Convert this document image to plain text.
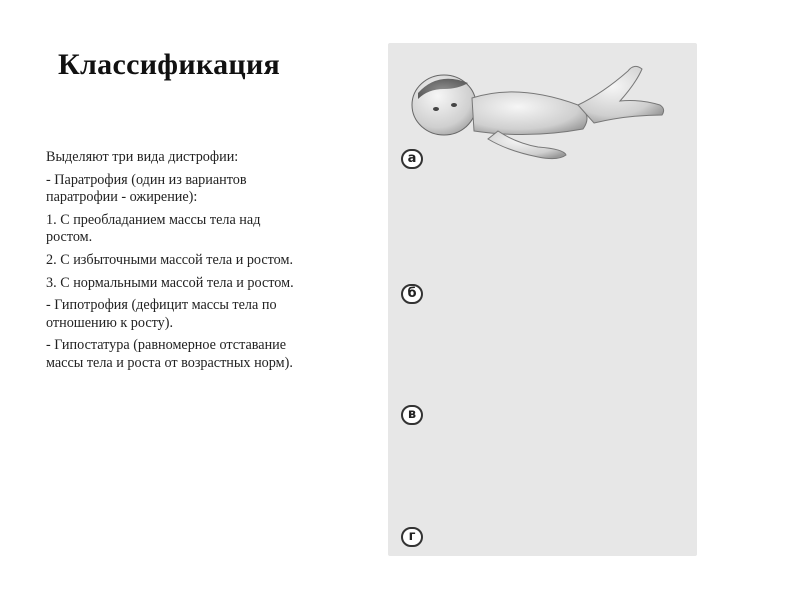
Классификация

Выделяют три вида дистрофии:

- Паратрофия (один из вариантов паратрофии - ожирение):

1. С преобладанием массы тела над ростом.

2. С избыточными массой тела и ростом.

3. С нормальными массой тела и ростом.

- Гипотрофия (дефицит массы тела по отношению к росту).

- Гипостатура (равномерное отставание массы тела и роста от возрастных норм).

а
б
в
г
